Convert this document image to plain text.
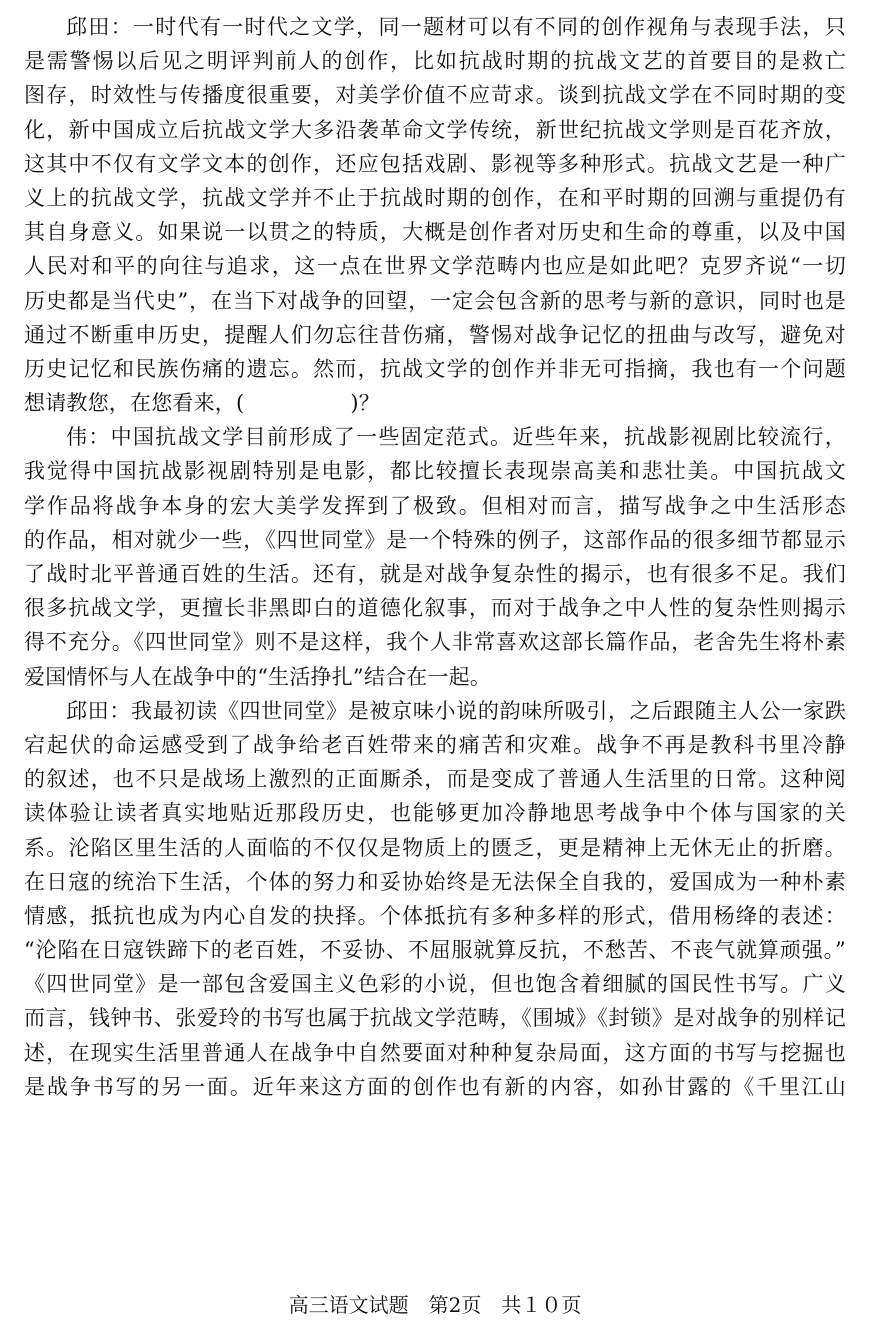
邱田：一时代有一时代之文学，同一题材可以有不同的创作视角与表现手法，只
是需警惕以后见之明评判前人的创作，比如抗战时期的抗战文艺的首要目的是救亡
图存，时效性与传播度很重要，对美学价值不应苛求。谈到抗战文学在不同时期的变
化，新中国成立后抗战文学大多沿袭革命文学传统，新世纪抗战文学则是百花齐放，
这其中不仅有文学文本的创作，还应包括戏剧、影视等多种形式。抗战文艺是一种广
义上的抗战文学，抗战文学并不止于抗战时期的创作，在和平时期的回溯与重提仍有
其自身意义。如果说一以贯之的特质，大概是创作者对历史和生命的尊重，以及中国
人民对和平的向往与追求，这一点在世界文学范畴内也应是如此吧？克罗齐说“一切
历史都是当代史”，在当下对战争的回望，一定会包含新的思考与新的意识，同时也是
通过不断重申历史，提醒人们勿忘往昔伤痛，警惕对战争记忆的扭曲与改写，避免对
历史记忆和民族伤痛的遗忘。然而，抗战文学的创作并非无可指摘，我也有一个问题
想请教您，在您看来，(　　　　　)？
伟：中国抗战文学目前形成了一些固定范式。近些年来，抗战影视剧比较流行，
我觉得中国抗战影视剧特别是电影，都比较擅长表现崇高美和悲壮美。中国抗战文
学作品将战争本身的宏大美学发挥到了极致。但相对而言，描写战争之中生活形态
的作品，相对就少一些，《四世同堂》是一个特殊的例子，这部作品的很多细节都显示
了战时北平普通百姓的生活。还有，就是对战争复杂性的揭示，也有很多不足。我们
很多抗战文学，更擅长非黑即白的道德化叙事，而对于战争之中人性的复杂性则揭示
得不充分。《四世同堂》则不是这样，我个人非常喜欢这部长篇作品，老舍先生将朴素
爱国情怀与人在战争中的“生活挣扎”结合在一起。
邱田：我最初读《四世同堂》是被京味小说的韵味所吸引，之后跟随主人公一家跌
宕起伏的命运感受到了战争给老百姓带来的痛苦和灾难。战争不再是教科书里冷静
的叙述，也不只是战场上激烈的正面厮杀，而是变成了普通人生活里的日常。这种阅
读体验让读者真实地贴近那段历史，也能够更加冷静地思考战争中个体与国家的关
系。沦陷区里生活的人面临的不仅仅是物质上的匮乏，更是精神上无休无止的折磨。
在日寇的统治下生活，个体的努力和妥协始终是无法保全自我的，爱国成为一种朴素
情感，抵抗也成为内心自发的抉择。个体抵抗有多种多样的形式，借用杨绛的表述：
“沦陷在日寇铁蹄下的老百姓，不妥协、不屈服就算反抗，不愁苦、不丧气就算顽强。”
《四世同堂》是一部包含爱国主义色彩的小说，但也饱含着细腻的国民性书写。广义
而言，钱钟书、张爱玲的书写也属于抗战文学范畴，《围城》《封锁》是对战争的别样记
述，在现实生活里普通人在战争中自然要面对种种复杂局面，这方面的书写与挖掘也
是战争书写的另一面。近年来这方面的创作也有新的内容，如孙甘露的《千里江山
高三语文试题　第2页　共１０页
